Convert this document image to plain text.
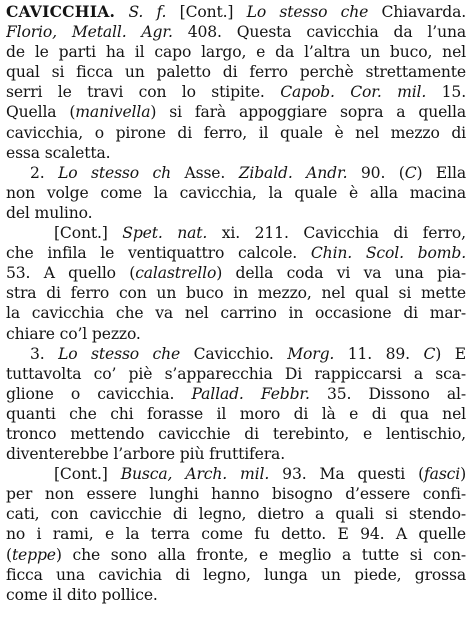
CAVICCHIA. S. f. [Cont.] Lo stesso che Chiavarda.
Florio, Metall. Agr. 408. Questa cavicchia da l’una
de le parti ha il capo largo, e da l’altra un buco, nel
qual si ficca un paletto di ferro perchè strettamente
serri le travi con lo stipite. Capob. Cor. mil. 15.
Quella (manivella) si farà appoggiare sopra a quella
cavicchia, o pirone di ferro, il quale è nel mezzo di
essa scaletta.
2. Lo stesso ch Asse. Zibald. Andr. 90. (C) Ella
non volge come la cavicchia, la quale è alla macina
del mulino.
[Cont.] Spet. nat. xi. 211. Cavicchia di ferro,
che infila le ventiquattro calcole. Chin. Scol. bomb.
53. A quello (calastrello) della coda vi va una pia-
stra di ferro con un buco in mezzo, nel qual si mette
la cavicchia che va nel carrino in occasione di mar-
chiare co’l pezzo.
3. Lo stesso che Cavicchio. Morg. 11. 89. C) E
tuttavolta co’ piè s’apparecchia Di rappiccarsi a sca-
glione o cavicchia. Pallad. Febbr. 35. Dissono al-
quanti che chi forasse il moro di là e di qua nel
tronco mettendo cavicchie di terebinto, e lentischio,
diventerebbe l’arbore più fruttifera.
[Cont.] Busca, Arch. mil. 93. Ma questi (fasci)
per non essere lunghi hanno bisogno d’essere confi-
cati, con cavicchie di legno, dietro a quali si stendo-
no i rami, e la terra come fu detto. E 94. A quelle
(teppe) che sono alla fronte, e meglio a tutte si con-
ficca una cavichia di legno, lunga un piede, grossa
come il dito pollice.
